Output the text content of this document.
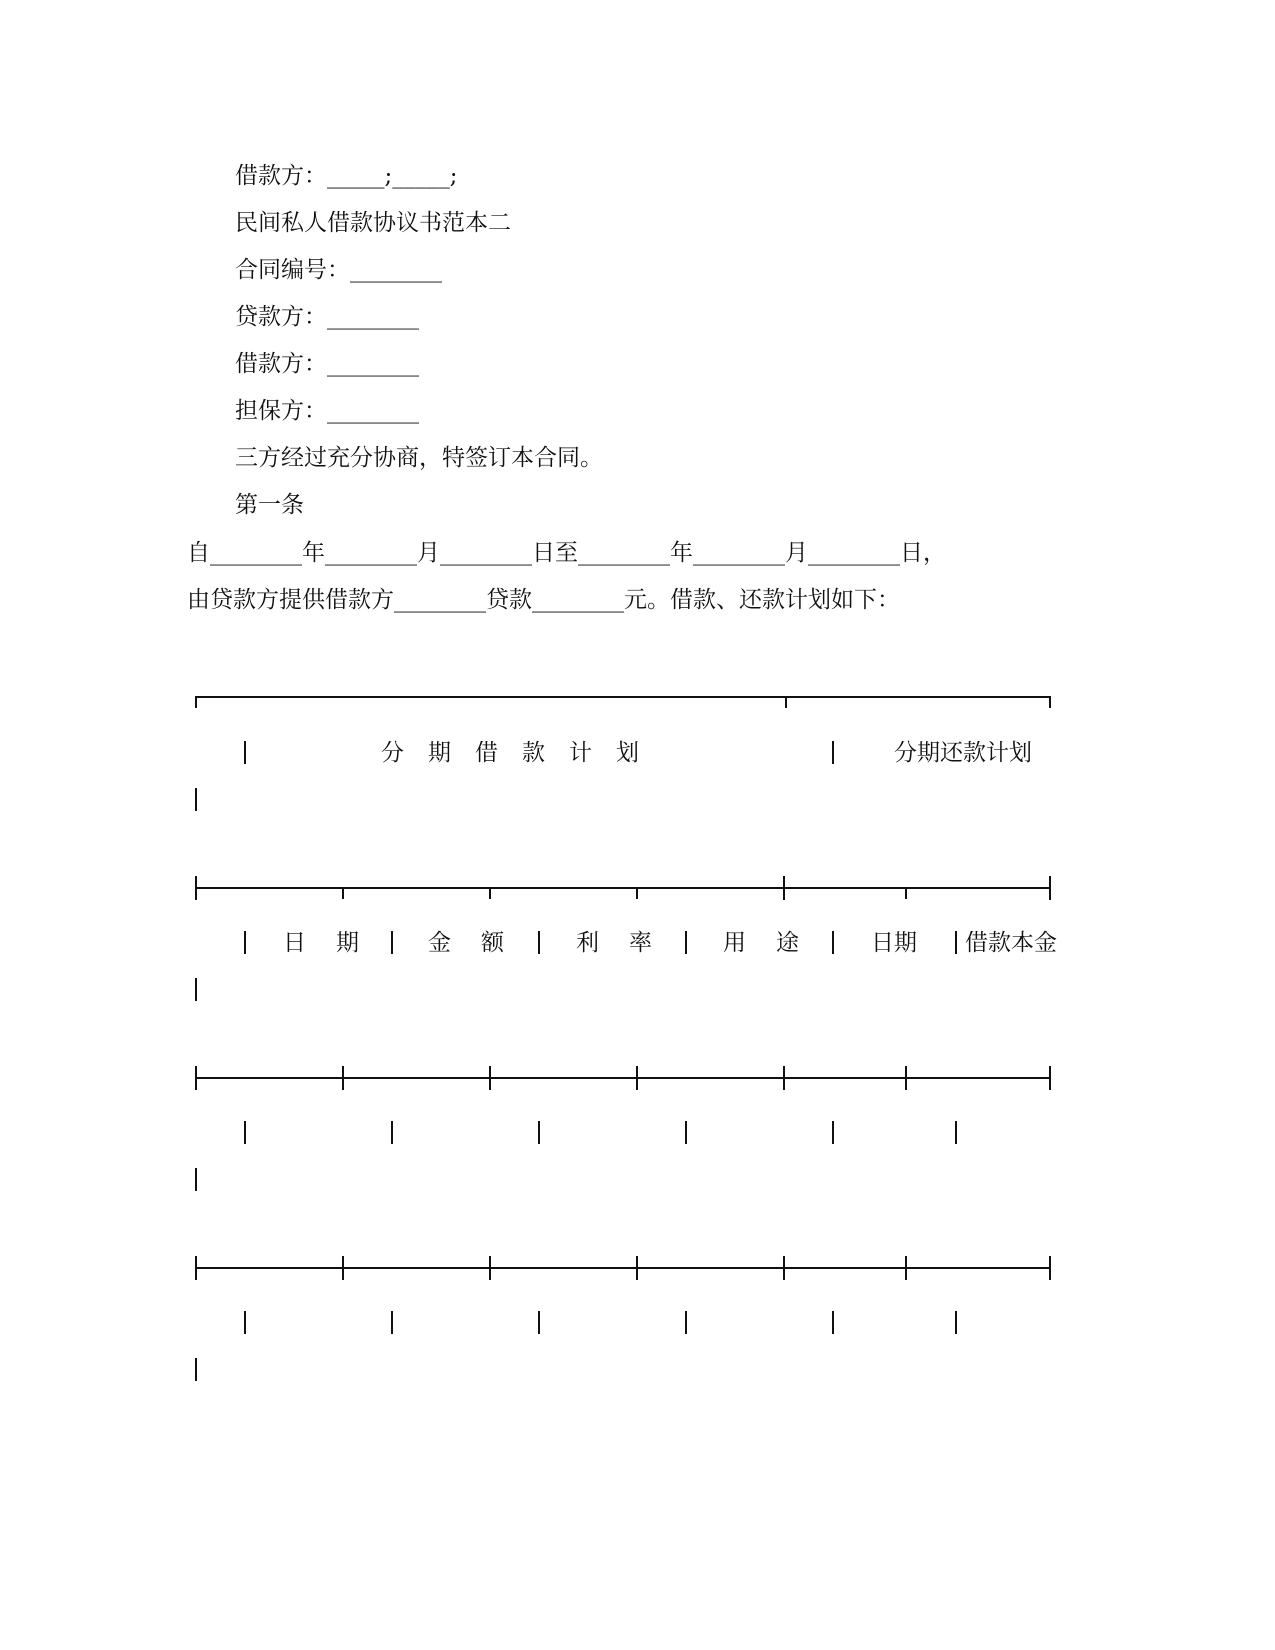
借款方：_____;_____;
民间私人借款协议书范本二
合同编号：________
贷款方：________
借款方：________
担保方：________
三方经过充分协商，特签订本合同。
第一条
自________年________月________日至________年________月________日，
由贷款方提供借款方________贷款________元。借款、还款计划如下：
分期借款计划	分期还款计划
日期 金额 利率 用途 日期 借款本金
